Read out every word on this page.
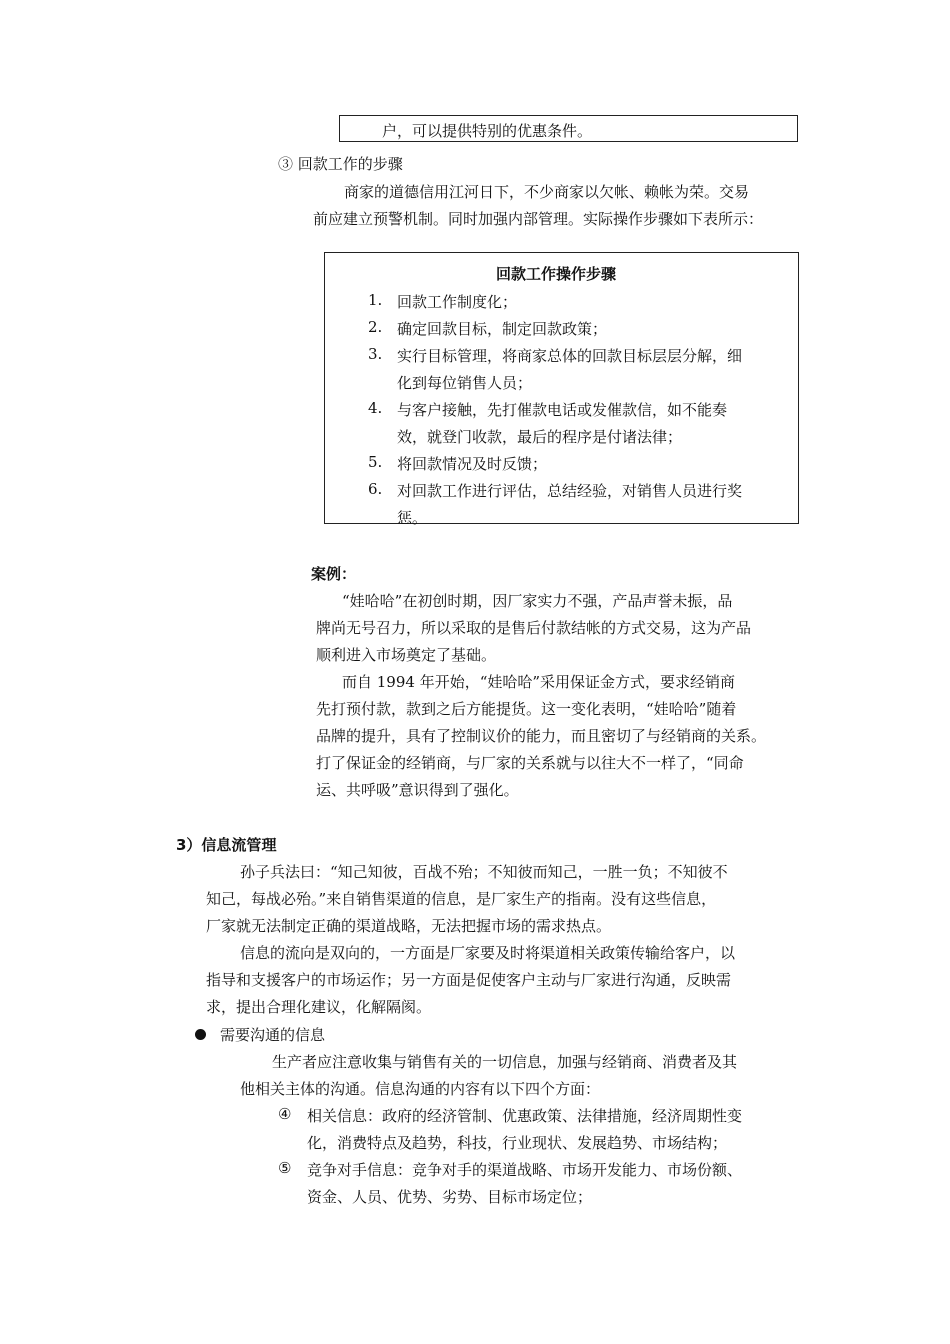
户，可以提供特别的优惠条件。
③ 回款工作的步骤
商家的道德信用江河日下，不少商家以欠帐、赖帐为荣。交易
前应建立预警机制。同时加强内部管理。实际操作步骤如下表所示：
回款工作操作步骤
1. 回款工作制度化；
2. 确定回款目标，制定回款政策；
3. 实行目标管理，将商家总体的回款目标层层分解，细
化到每位销售人员；
4. 与客户接触，先打催款电话或发催款信，如不能奏
效，就登门收款，最后的程序是付诸法律；
5. 将回款情况及时反馈；
6. 对回款工作进行评估，总结经验，对销售人员进行奖
惩。
案例：
“娃哈哈”在初创时期，因厂家实力不强，产品声誉未振，品
牌尚无号召力，所以采取的是售后付款结帐的方式交易，这为产品
顺利进入市场奠定了基础。
而自 1994 年开始，“娃哈哈”采用保证金方式，要求经销商
先打预付款，款到之后方能提货。这一变化表明，“娃哈哈”随着
品牌的提升，具有了控制议价的能力，而且密切了与经销商的关系。
打了保证金的经销商，与厂家的关系就与以往大不一样了，“同命
运、共呼吸”意识得到了强化。
3）信息流管理
孙子兵法曰：“知己知彼，百战不殆；不知彼而知己，一胜一负；不知彼不
知己，每战必殆。”来自销售渠道的信息，是厂家生产的指南。没有这些信息，
厂家就无法制定正确的渠道战略，无法把握市场的需求热点。
信息的流向是双向的，一方面是厂家要及时将渠道相关政策传输给客户，以
指导和支援客户的市场运作；另一方面是促使客户主动与厂家进行沟通，反映需
求，提出合理化建议，化解隔阂。
需要沟通的信息
生产者应注意收集与销售有关的一切信息，加强与经销商、消费者及其
他相关主体的沟通。信息沟通的内容有以下四个方面：
④ 相关信息：政府的经济管制、优惠政策、法律措施，经济周期性变
化，消费特点及趋势，科技，行业现状、发展趋势、市场结构；
⑤ 竞争对手信息：竞争对手的渠道战略、市场开发能力、市场份额、
资金、人员、优势、劣势、目标市场定位；
